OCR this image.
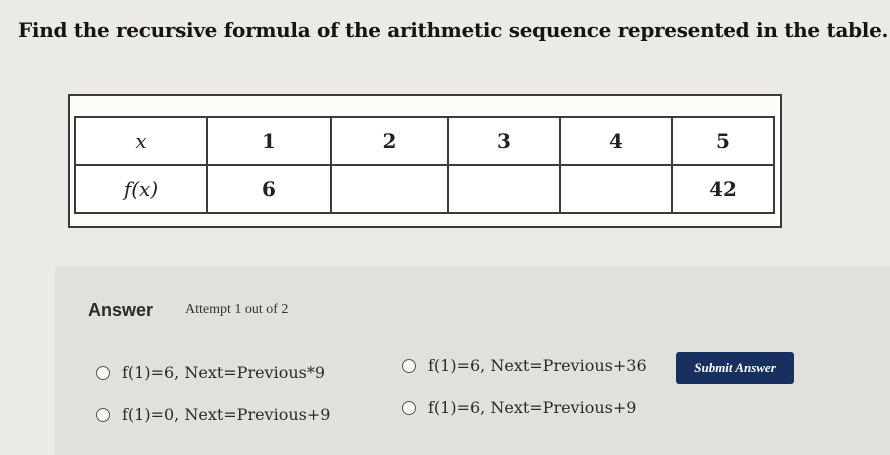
Find the recursive formula of the arithmetic sequence represented in the table.
x	1	2	3	4	5
f(x)	6				42
Answer Attempt 1 out of 2
f(1)=6, Next=Previous*9	f(1)=6, Next=Previous+36
f(1)=0, Next=Previous+9	f(1)=6, Next=Previous+9
Submit Answer
